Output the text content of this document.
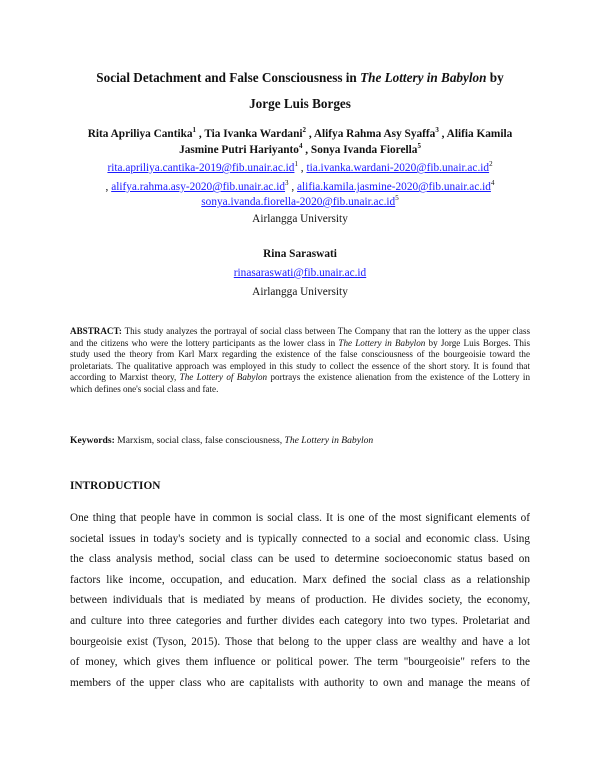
Social Detachment and False Consciousness in The Lottery in Babylon by
Jorge Luis Borges
Rita Apriliya Cantika$^1$ , Tia Ivanka Wardani$^2$ , Alifya Rahma Asy Syaffa$^3$ , Alifia Kamila
Jasmine Putri Hariyanto$^4$ , Sonya Ivanda Fiorella$^5$
$rita.apriliya.cantika-2019@fib.unair.ac.id^1$ , $tia.ivanka.wardani-2020@fib.unair.ac.id^2$
, $alifya.rahma.asy-2020@fib.unair.ac.id^3$ , $alifia.kamila.jasmine-2020@fib.unair.ac.id^4$
$sonya.ivanda.fiorella-2020@fib.unair.ac.id^5$
Airlangga University
Rina Saraswati
rinasaraswati@fib.unair.ac.id
Airlangga University
ABSTRACT: This study analyzes the portrayal of social class between The Company that ran the lottery as the upper class and the citizens who were the lottery participants as the lower class in The Lottery in Babylon by Jorge Luis Borges. This study used the theory from Karl Marx regarding the existence of the false consciousness of the bourgeoisie toward the proletariats. The qualitative approach was employed in this study to collect the essence of the short story. It is found that according to Marxist theory, The Lottery of Babylon portrays the existence alienation from the existence of the Lottery in which defines one's social class and fate.
Keywords: Marxism, social class, false consciousness, The Lottery in Babylon
INTRODUCTION
One thing that people have in common is social class. It is one of the most significant elements of
societal issues in today's society and is typically connected to a social and economic class. Using
the class analysis method, social class can be used to determine socioeconomic status based on
factors like income, occupation, and education. Marx defined the social class as a relationship
between individuals that is mediated by means of production. He divides society, the economy,
and culture into three categories and further divides each category into two types. Proletariat and
bourgeoisie exist (Tyson, 2015). Those that belong to the upper class are wealthy and have a lot
of money, which gives them influence or political power. The term "bourgeoisie" refers to the
members of the upper class who are capitalists with authority to own and manage the means of
